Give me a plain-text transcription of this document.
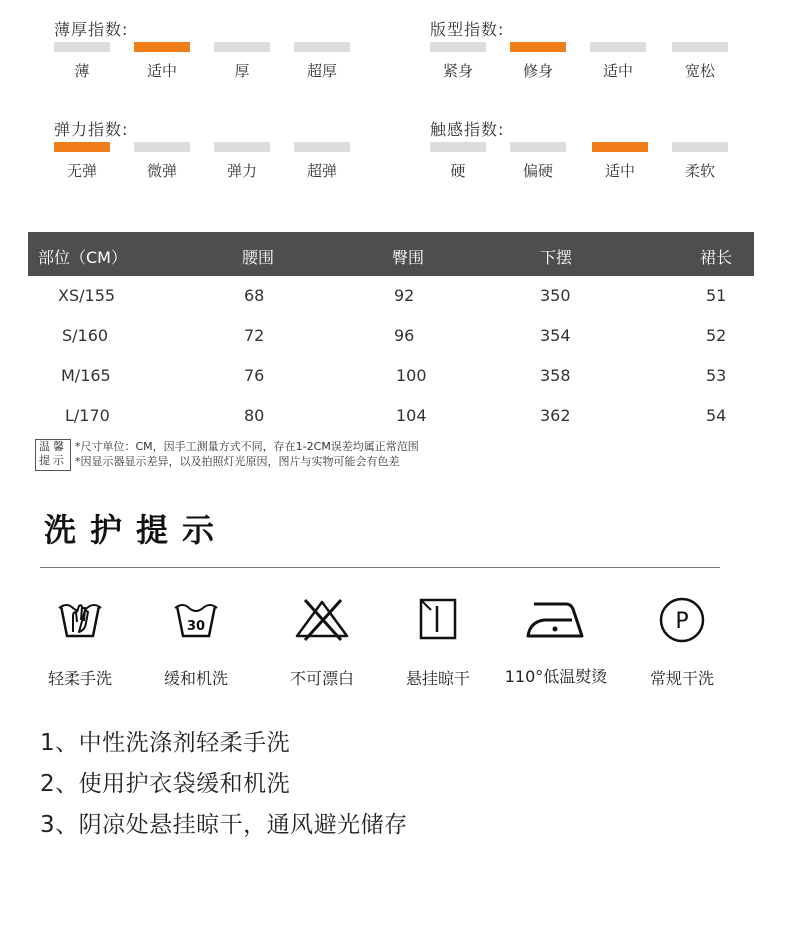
薄厚指数:
薄	适中	厚	超厚
版型指数:
紧身	修身	适中	宽松
弹力指数:
无弹	微弹	弹力	超弹
触感指数:
硬	偏硬	适中	柔软
部位（CM）	腰围	臀围	下摆	裙长
XS/155	68	92	350	51
S/160	72	96	354	52
M/165	76	100	358	53
L/170	80	104	362	54
温馨
提示
*尺寸单位：CM，因手工测量方式不同，存在1-2CM误差均属正常范围
*因显示器显示差异，以及拍照灯光原因，图片与实物可能会有色差
洗护提示
轻柔手洗
30
缓和机洗	不可漂白	悬挂晾干	110°低温熨烫
P
常规干洗
1、中性洗涤剂轻柔手洗
2、使用护衣袋缓和机洗
3、阴凉处悬挂晾干，通风避光储存
